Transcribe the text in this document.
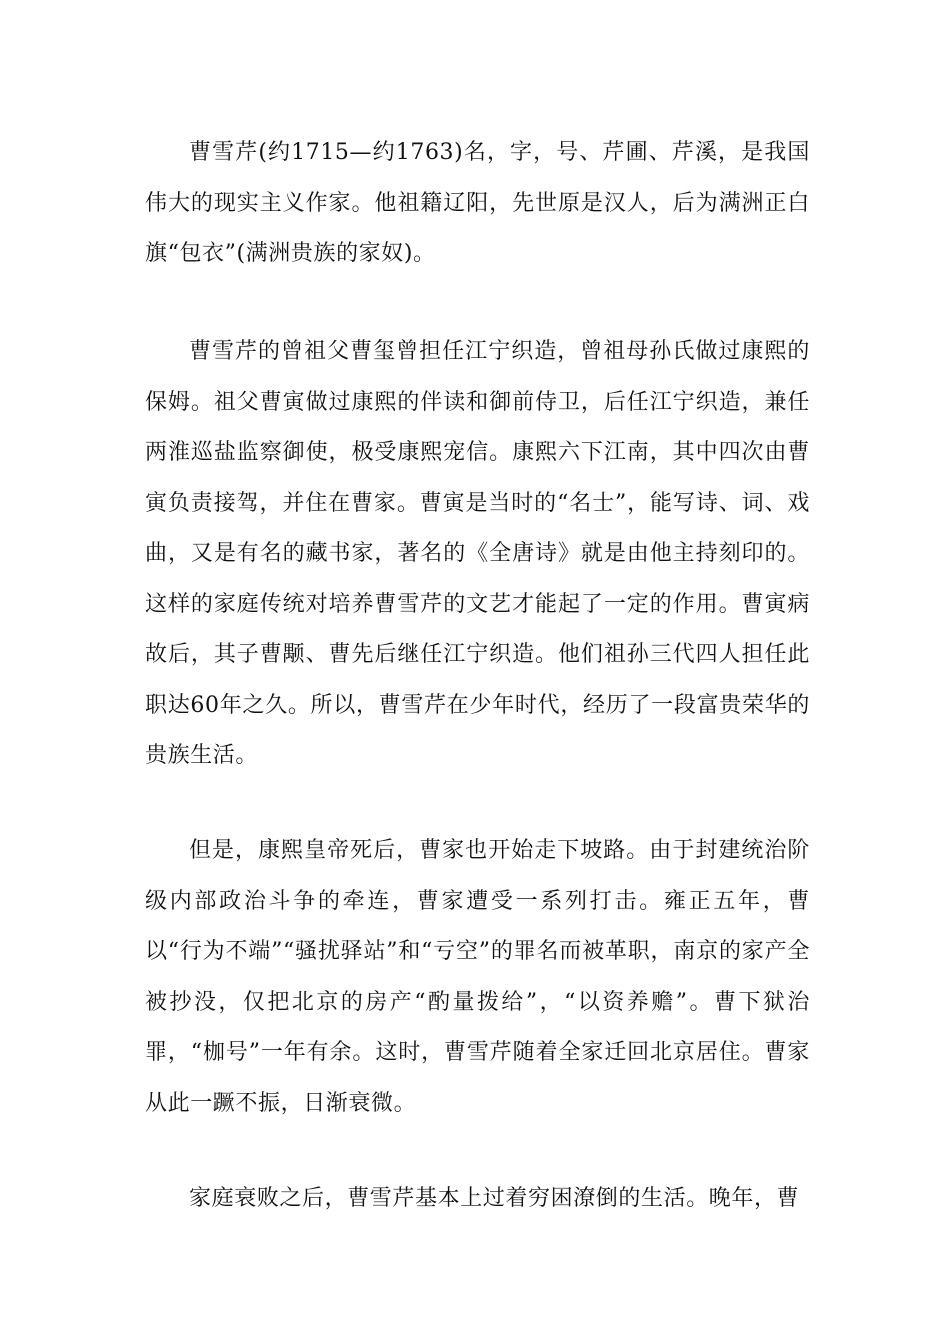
曹雪芹(约1715—约1763)名，字，号、芹圃、芹溪，是我国伟大的现实主义作家。他祖籍辽阳，先世原是汉人，后为满洲正白旗“包衣”(满洲贵族的家奴)。

曹雪芹的曾祖父曹玺曾担任江宁织造，曾祖母孙氏做过康熙的保姆。祖父曹寅做过康熙的伴读和御前侍卫，后任江宁织造，兼任两淮巡盐监察御使，极受康熙宠信。康熙六下江南，其中四次由曹寅负责接驾，并住在曹家。曹寅是当时的“名士”，能写诗、词、戏曲，又是有名的藏书家，著名的《全唐诗》就是由他主持刻印的。这样的家庭传统对培养曹雪芹的文艺才能起了一定的作用。曹寅病故后，其子曹颙、曹先后继任江宁织造。他们祖孙三代四人担任此职达60年之久。所以，曹雪芹在少年时代，经历了一段富贵荣华的贵族生活。

但是，康熙皇帝死后，曹家也开始走下坡路。由于封建统治阶级内部政治斗争的牵连，曹家遭受一系列打击。雍正五年，曹以“行为不端”“骚扰驿站”和“亏空”的罪名而被革职，南京的家产全被抄没，仅把北京的房产“酌量拨给”，“以资养赡”。曹下狱治罪，“枷号”一年有余。这时，曹雪芹随着全家迁回北京居住。曹家从此一蹶不振，日渐衰微。

家庭衰败之后，曹雪芹基本上过着穷困潦倒的生活。晚年，曹
